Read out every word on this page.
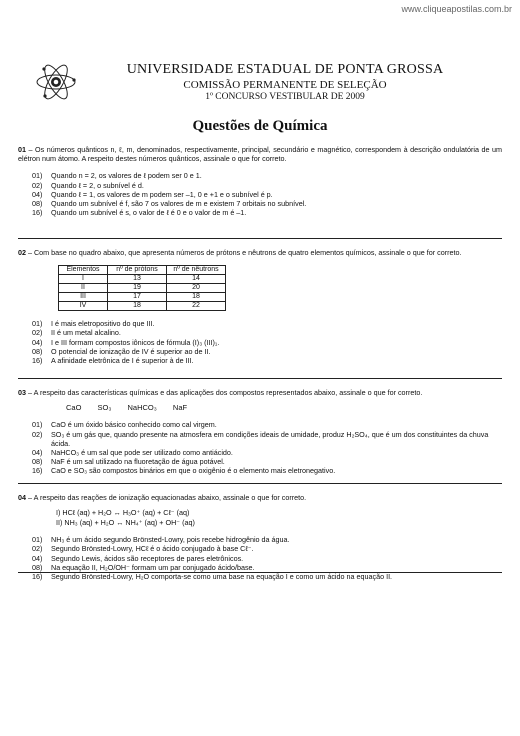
www.cliqueapostilas.com.br
UNIVERSIDADE ESTADUAL DE PONTA GROSSA
COMISSÃO PERMANENTE DE SELEÇÃO
1º CONCURSO VESTIBULAR DE 2009
Questões de Química
01 – Os números quânticos n, ℓ, m, denominados, respectivamente, principal, secundário e magnético, correspondem à descrição ondulatória de um elétron num átomo. A respeito destes números quânticos, assinale o que for correto.
01)	Quando n = 2, os valores de ℓ podem ser 0 e 1.
02)	Quando ℓ = 2, o subnível é d.
04)	Quando ℓ = 1, os valores de m podem ser –1, 0 e +1 e o subnível é p.
08)	Quando um subnível é f, são 7 os valores de m e existem 7 orbitais no subnível.
16)	Quando um subnível é s, o valor de ℓ é 0 e o valor de m é –1.
02 – Com base no quadro abaixo, que apresenta números de prótons e nêutrons de quatro elementos químicos, assinale o que for correto.
Elementos	nº de prótons	nº de nêutrons
I	13	14
II	19	20
III	17	18
IV	18	22
01)	I é mais eletropositivo do que III.
02)	II é um metal alcalino.
04)	I e III formam compostos iônicos de fórmula (I)₃ (III)₁.
08)	O potencial de ionização de IV é superior ao de II.
16)	A afinidade eletrônica de I é superior à de III.
03 – A respeito das características químicas e das aplicações dos compostos representados abaixo, assinale o que for correto.
CaO SO₃ NaHCO₃ NaF
01)	CaO é um óxido básico conhecido como cal virgem.
02)	SO₃ é um gás que, quando presente na atmosfera em condições ideais de umidade, produz H₂SO₄, que é um dos constituintes da chuva ácida.
04)	NaHCO₃ é um sal que pode ser utilizado como antiácido.
08)	NaF é um sal utilizado na fluoretação de água potável.
16)	CaO e SO₃ são compostos binários em que o oxigênio é o elemento mais eletronegativo.
04 – A respeito das reações de ionização equacionadas abaixo, assinale o que for correto.
I) HCℓ (aq) + H₂O ↔ H₃O⁺ (aq) + Cℓ⁻ (aq)
II) NH₃ (aq) + H₂O ↔ NH₄⁺ (aq) + OH⁻ (aq)
01)	NH₃ é um ácido segundo Brönsted-Lowry, pois recebe hidrogênio da água.
02)	Segundo Brönsted-Lowry, HCℓ é o ácido conjugado à base Cℓ⁻.
04)	Segundo Lewis, ácidos são receptores de pares eletrônicos.
08)	Na equação II, H₂O/OH⁻ formam um par conjugado ácido/base.
16)	Segundo Brönsted-Lowry, H₂O comporta-se como uma base na equação I e como um ácido na equação II.
